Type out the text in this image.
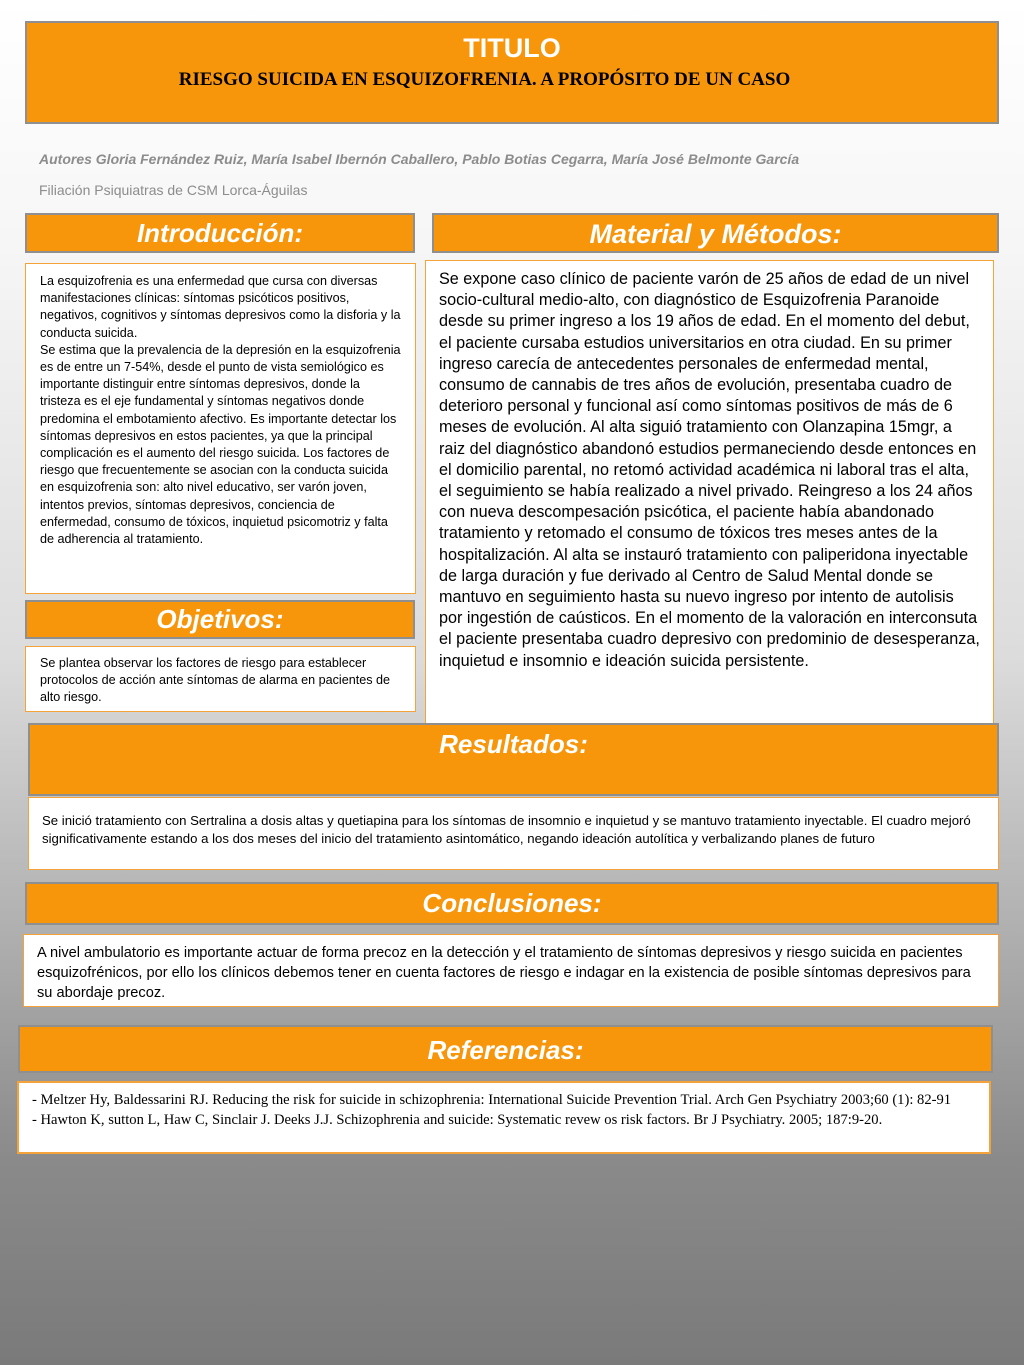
TITULO
RIESGO SUICIDA EN ESQUIZOFRENIA. A PROPÓSITO DE UN CASO
Autores Gloria Fernández Ruiz, María Isabel Ibernón Caballero, Pablo Botias Cegarra, María José Belmonte García
Filiación Psiquiatras de CSM Lorca-Águilas
Introducción:
La esquizofrenia es una enfermedad que cursa con diversas manifestaciones clínicas: síntomas psicóticos positivos, negativos, cognitivos y síntomas depresivos como la disforia y la conducta suicida.
Se estima que la prevalencia de la depresión en la esquizofrenia es de entre un 7-54%, desde el punto de vista semiológico es importante distinguir entre síntomas depresivos, donde la tristeza es el eje fundamental y síntomas negativos donde predomina el embotamiento afectivo. Es importante detectar los síntomas depresivos en estos pacientes, ya que la principal complicación es el aumento del riesgo suicida. Los factores de riesgo que frecuentemente se asocian con la conducta suicida en esquizofrenia son: alto nivel educativo, ser varón joven, intentos previos, síntomas depresivos, conciencia de enfermedad, consumo de tóxicos, inquietud psicomotriz y falta de adherencia al tratamiento.
Objetivos:
Se plantea observar los factores de riesgo para establecer protocolos de acción ante síntomas de alarma en pacientes de alto riesgo.
Material y Métodos:
Se expone caso clínico de paciente varón de 25 años de edad de un nivel socio-cultural medio-alto, con diagnóstico de Esquizofrenia Paranoide desde su primer ingreso a los 19 años de edad. En el momento del debut, el paciente cursaba estudios universitarios en otra ciudad. En su primer ingreso carecía de antecedentes personales de enfermedad mental, consumo de cannabis de tres años de evolución, presentaba cuadro de deterioro personal y funcional así como síntomas positivos de más de 6 meses de evolución. Al alta siguió tratamiento con Olanzapina 15mgr, a raiz del diagnóstico abandonó estudios permaneciendo desde entonces en el domicilio parental, no retomó actividad académica ni laboral tras el alta, el seguimiento se había realizado a nivel privado. Reingreso a los 24 años con nueva descompesación psicótica, el paciente había abandonado tratamiento y retomado el consumo de tóxicos tres meses antes de la hospitalización. Al alta se instauró tratamiento con paliperidona inyectable de larga duración y fue derivado al Centro de Salud Mental donde se mantuvo en seguimiento hasta su nuevo ingreso por intento de autolisis por ingestión de caústicos. En el momento de la valoración en interconsuta el paciente presentaba cuadro depresivo con predominio de desesperanza, inquietud e insomnio e ideación suicida persistente.
Resultados:
Se inició tratamiento con Sertralina a dosis altas y quetiapina para los síntomas de insomnio e inquietud y se mantuvo tratamiento inyectable. El cuadro mejoró significativamente estando a los dos meses del inicio del tratamiento asintomático, negando ideación autolítica y verbalizando planes de futuro
Conclusiones:
A nivel ambulatorio es importante actuar de forma precoz en la detección y el tratamiento de síntomas depresivos y riesgo suicida en pacientes esquizofrénicos, por ello los clínicos debemos tener en cuenta factores de riesgo e indagar en la existencia de posible síntomas depresivos para su abordaje precoz.
Referencias:
- Meltzer Hy, Baldessarini RJ. Reducing the risk for suicide in schizophrenia: International Suicide Prevention Trial. Arch Gen Psychiatry 2003;60 (1): 82-91
- Hawton K, sutton L, Haw C, Sinclair J. Deeks J.J. Schizophrenia and suicide: Systematic revew os risk factors. Br J Psychiatry. 2005; 187:9-20.
